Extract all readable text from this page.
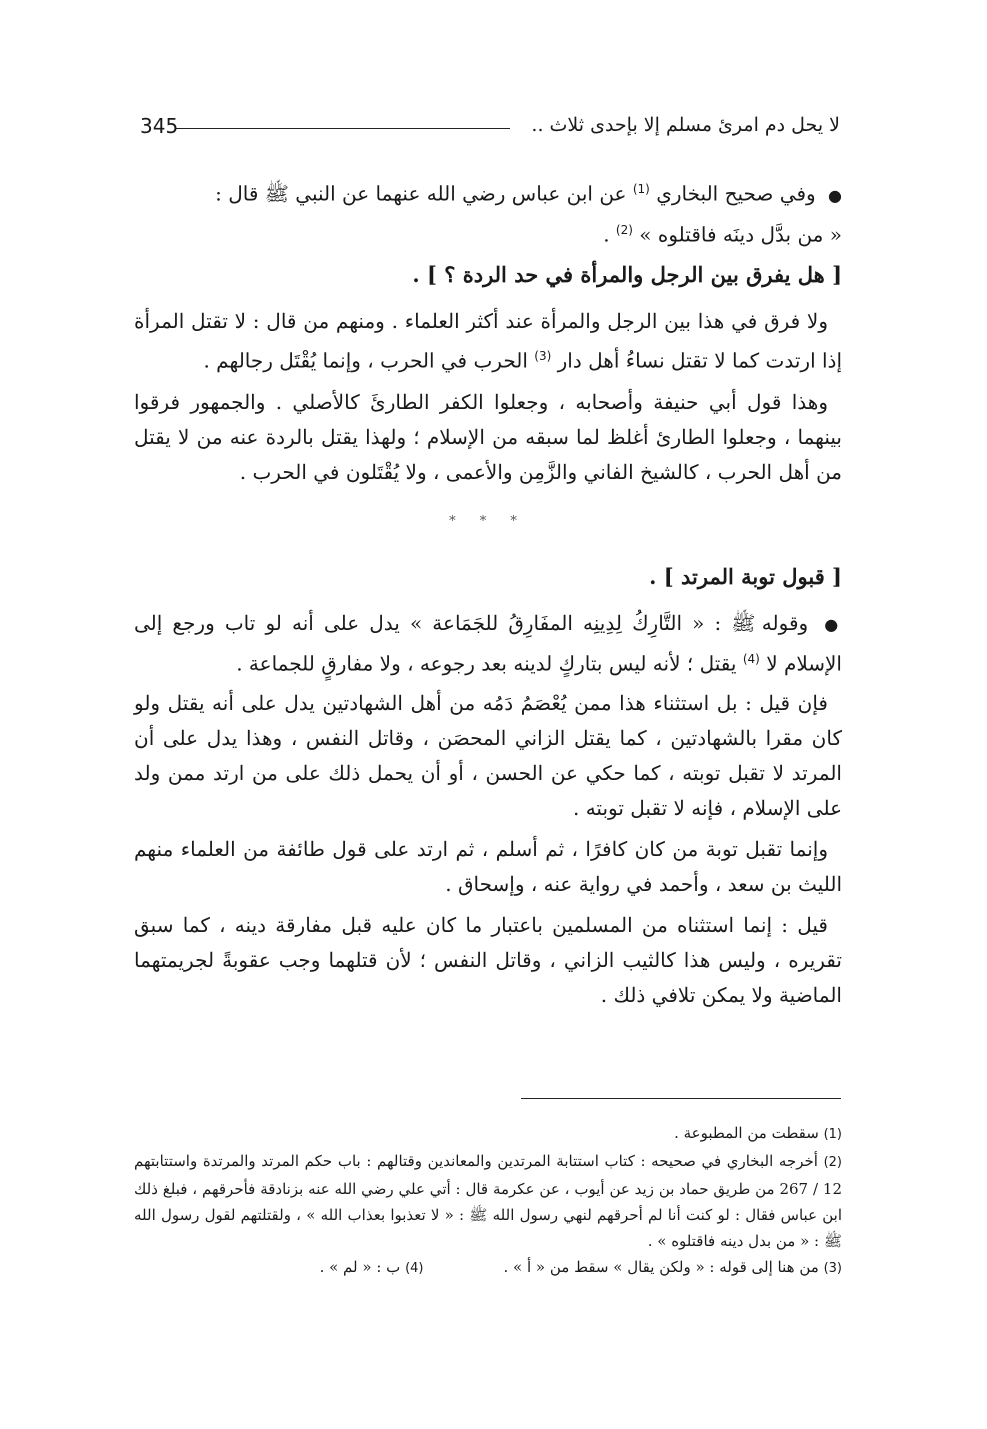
لا يحل دم امرئ مسلم إلا بإحدى ثلاث ..
345

● وفي صحيح البخاري $^{(1)}$ عن ابن عباس رضي الله عنهما عن النبي ﷺ قال :
« من بدَّل دينَه فاقتلوه » $^{(2)}$ .

[ هل يفرق بين الرجل والمرأة في حد الردة ؟ ] .

ولا فرق في هذا بين الرجل والمرأة عند أكثر العلماء . ومنهم من قال : لا تقتل المرأة إذا ارتدت كما لا تقتل نساءُ أهل دار $^{(3)}$ الحرب في الحرب ، وإنما يُقْتَل رجالهم .

وهذا قول أبي حنيفة وأصحابه ، وجعلوا الكفر الطارئَ كالأصلي . والجمهور فرقوا بينهما ، وجعلوا الطارئ أغلظ لما سبقه من الإسلام ؛ ولهذا يقتل بالردة عنه من لا يقتل من أهل الحرب ، كالشيخ الفاني والزَّمِن والأعمى ، ولا يُقْتَلون في الحرب .

* * *
[ قبول توبة المرتد ] .

● وقوله ﷺ : « التَّارِكُ لِدِينِه المفَارِقُ للجَمَاعة » يدل على أنه لو تاب ورجع إلى الإسلام لا $^{(4)}$ يقتل ؛ لأنه ليس بتاركٍ لدينه بعد رجوعه ، ولا مفارقٍ للجماعة .

فإن قيل : بل استثناء هذا ممن يُعْصَمُ دَمُه من أهل الشهادتين يدل على أنه يقتل ولو كان مقرا بالشهادتين ، كما يقتل الزاني المحصَن ، وقاتل النفس ، وهذا يدل على أن المرتد لا تقبل توبته ، كما حكي عن الحسن ، أو أن يحمل ذلك على من ارتد ممن ولد على الإسلام ، فإنه لا تقبل توبته .

وإنما تقبل توبة من كان كافرًا ، ثم أسلم ، ثم ارتد على قول طائفة من العلماء منهم الليث بن سعد ، وأحمد في رواية عنه ، وإسحاق .

قيل : إنما استثناه من المسلمين باعتبار ما كان عليه قبل مفارقة دينه ، كما سبق تقريره ، وليس هذا كالثيب الزاني ، وقاتل النفس ؛ لأن قتلهما وجب عقوبةً لجريمتهما الماضية ولا يمكن تلافي ذلك .

(1) سقطت من المطبوعة .

(2) أخرجه البخاري في صحيحه : كتاب استتابة المرتدين والمعاندين وقتالهم : باب حكم المرتد والمرتدة واستتابتهم 12 / 267 من طريق حماد بن زيد عن أيوب ، عن عكرمة قال : أتي علي رضي الله عنه بزنادقة فأحرقهم ، فبلغ ذلك ابن عباس فقال : لو كنت أنا لم أحرقهم لنهي رسول الله ﷺ : « لا تعذبوا بعذاب الله » ، ولقتلتهم لقول رسول الله ﷺ : « من بدل دينه فاقتلوه » .

(3) من هنا إلى قوله : « ولكن يقال » سقط من « أ » .

(4) ب : « لم » .
